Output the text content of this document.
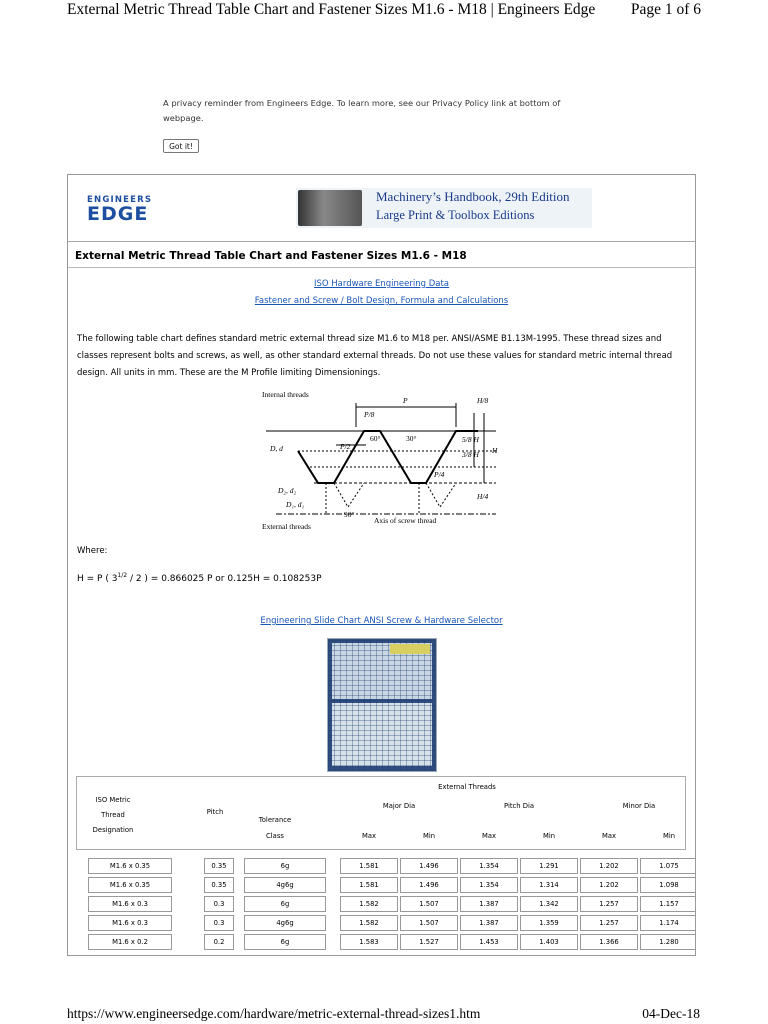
External Metric Thread Table Chart and Fastener Sizes M1.6 - M18 | Engineers Edge Page 1 of 6
A privacy reminder from Engineers Edge. To learn more, see our Privacy Policy link at bottom of webpage.
Got it!
ENGINEERS
EDGE
Machinery’s Handbook, 29th Edition
Large Print & Toolbox Editions
External Metric Thread Table Chart and Fastener Sizes M1.6 - M18
ISO Hardware Engineering Data
Fastener and Screw / Bolt Design, Formula and Calculations
The following table chart defines standard metric external thread size M1.6 to M18 per. ANSI/ASME B1.13M-1995. These thread sizes and classes represent bolts and screws, as well, as other standard external threads. Do not use these values for standard metric internal thread design. All units in mm. These are the M Profile limiting Dimensionings.
Internal threads
External threads
Axis of screw thread
P
H
D, d
D₂, d₂
D₁, d₁
60°	30°
90°
H/8
5/8 H
3/8 H
H/4
P/8
P/4
P/2
Where:
H = P ( $3^{1/2} / 2$ ) = 0.866025 P or 0.125H = 0.108253P
Engineering Slide Chart ANSI Screw & Hardware Selector
External Threads
ISO Metric
Thread
Designation
Pitch
Tolerance
Class
Major Dia	Pitch Dia	Minor Dia
Max	Min	Max	Min	Max	Min
M1.6 x 0.35	0.35	6g	1.581	1.496	1.354	1.291	1.202	1.075
M1.6 x 0.35	0.35	4g6g	1.581	1.496	1.354	1.314	1.202	1.098
M1.6 x 0.3	0.3	6g	1.582	1.507	1.387	1.342	1.257	1.157
M1.6 x 0.3	0.3	4g6g	1.582	1.507	1.387	1.359	1.257	1.174
M1.6 x 0.2	0.2	6g	1.583	1.527	1.453	1.403	1.366	1.280
https://www.engineersedge.com/hardware/metric-external-thread-sizes1.htm	04-Dec-18
